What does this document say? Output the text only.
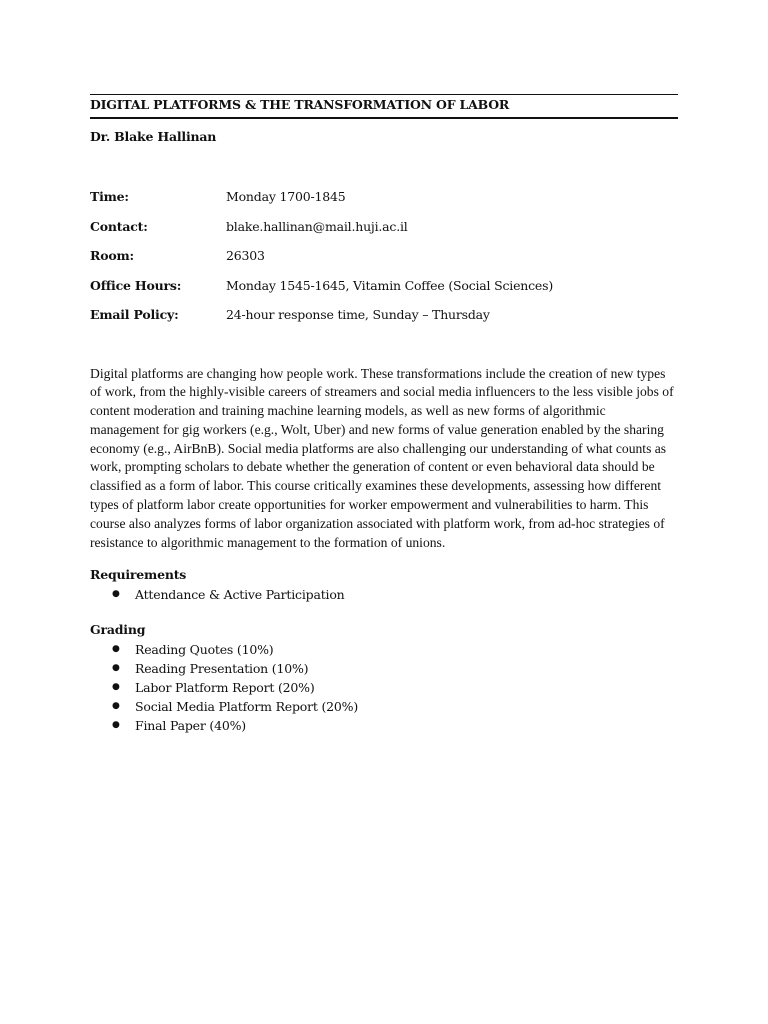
DIGITAL PLATFORMS & THE TRANSFORMATION OF LABOR

Dr. Blake Hallinan

Time:	Monday 1700-1845
Contact:	blake.hallinan@mail.huji.ac.il
Room:	26303
Office Hours:	Monday 1545-1645, Vitamin Coffee (Social Sciences)
Email Policy:	24-hour response time, Sunday – Thursday

Digital platforms are changing how people work. These transformations include the creation of new types of work, from the highly-visible careers of streamers and social media influencers to the less visible jobs of content moderation and training machine learning models, as well as new forms of algorithmic management for gig workers (e.g., Wolt, Uber) and new forms of value generation enabled by the sharing economy (e.g., AirBnB). Social media platforms are also challenging our understanding of what counts as work, prompting scholars to debate whether the generation of content or even behavioral data should be classified as a form of labor. This course critically examines these developments, assessing how different types of platform labor create opportunities for worker empowerment and vulnerabilities to harm. This course also analyzes forms of labor organization associated with platform work, from ad-hoc strategies of resistance to algorithmic management to the formation of unions.

Requirements
●	Attendance & Active Participation
Grading
●	Reading Quotes (10%)
●	Reading Presentation (10%)
●	Labor Platform Report (20%)
●	Social Media Platform Report (20%)
●	Final Paper (40%)
